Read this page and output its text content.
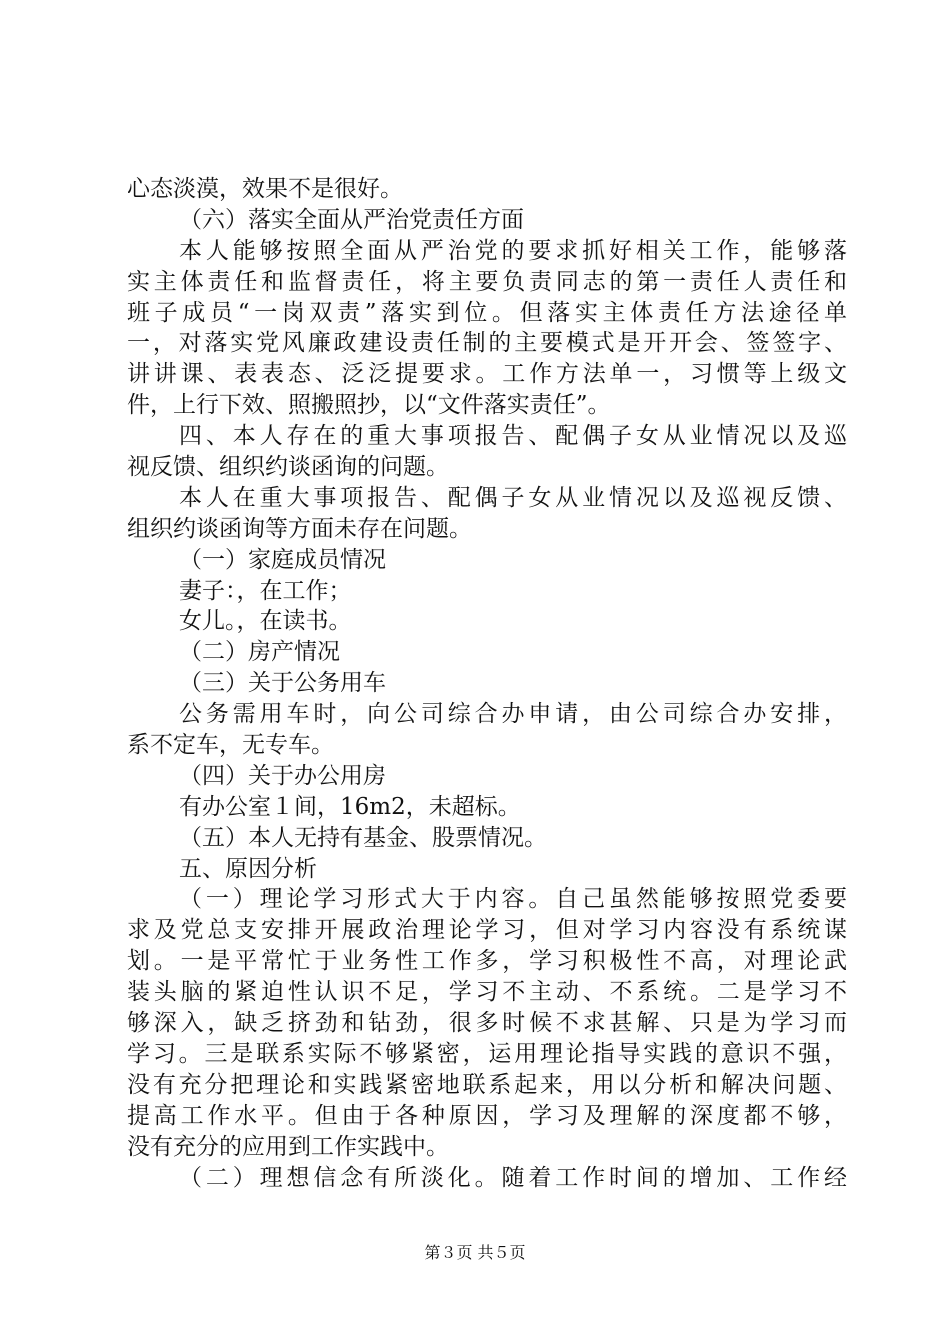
心态淡漠，效果不是很好。
（六）落实全面从严治党责任方面
本人能够按照全面从严治党的要求抓好相关工作，能够落
实主体责任和监督责任，将主要负责同志的第一责任人责任和
班子成员“一岗双责”落实到位。但落实主体责任方法途径单
一，对落实党风廉政建设责任制的主要模式是开开会、签签字、
讲讲课、表表态、泛泛提要求。工作方法单一，习惯等上级文
件，上行下效、照搬照抄，以“文件落实责任”。
四、本人存在的重大事项报告、配偶子女从业情况以及巡
视反馈、组织约谈函询的问题。
本人在重大事项报告、配偶子女从业情况以及巡视反馈、
组织约谈函询等方面未存在问题。
（一）家庭成员情况
妻子：，在工作；
女儿。，在读书。
（二）房产情况
（三）关于公务用车
公务需用车时，向公司综合办申请，由公司综合办安排，
系不定车，无专车。
（四）关于办公用房
有办公室１间，16m2，未超标。
（五）本人无持有基金、股票情况。
五、原因分析
（一）理论学习形式大于内容。自己虽然能够按照党委要
求及党总支安排开展政治理论学习，但对学习内容没有系统谋
划。一是平常忙于业务性工作多，学习积极性不高，对理论武
装头脑的紧迫性认识不足，学习不主动、不系统。二是学习不
够深入，缺乏挤劲和钻劲，很多时候不求甚解、只是为学习而
学习。三是联系实际不够紧密，运用理论指导实践的意识不强，
没有充分把理论和实践紧密地联系起来，用以分析和解决问题、
提高工作水平。但由于各种原因，学习及理解的深度都不够，
没有充分的应用到工作实践中。
（二）理想信念有所淡化。随着工作时间的增加、工作经
第３页 共５页
